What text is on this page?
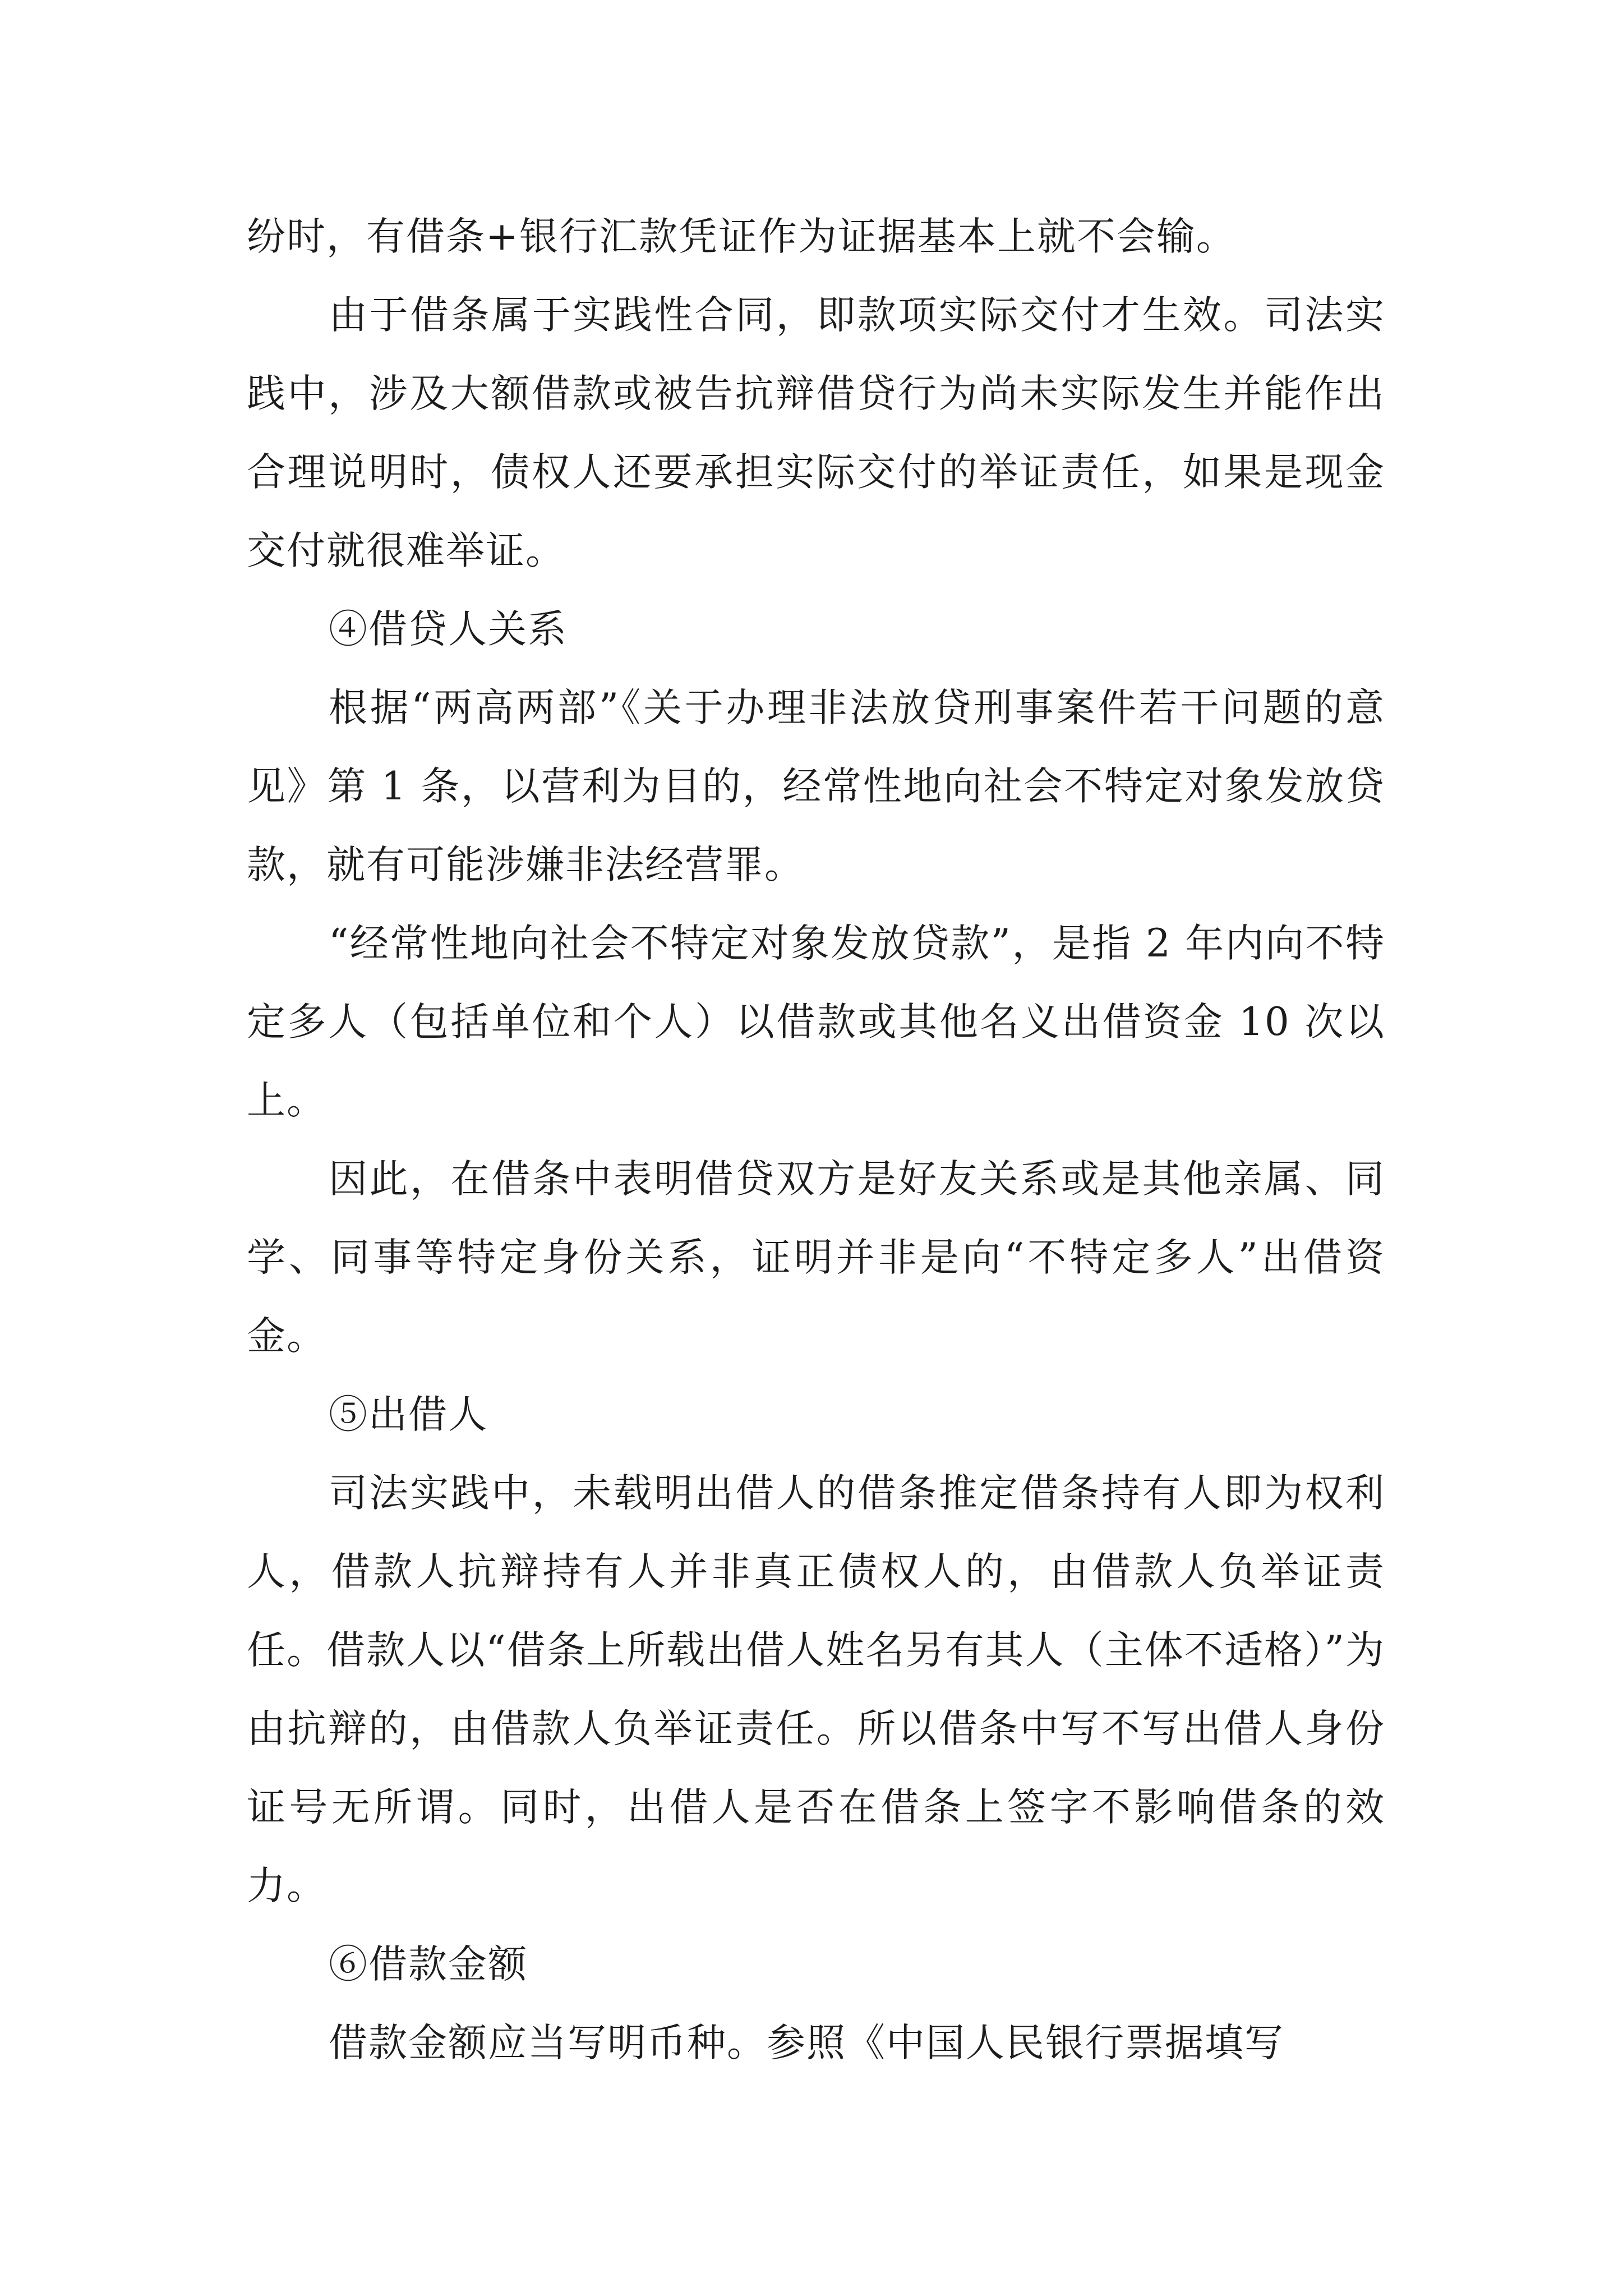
纷时，有借条+银行汇款凭证作为证据基本上就不会输。

由于借条属于实践性合同，即款项实际交付才生效。司法实践中，涉及大额借款或被告抗辩借贷行为尚未实际发生并能作出合理说明时，债权人还要承担实际交付的举证责任，如果是现金交付就很难举证。

④借贷人关系

根据“两高两部”《关于办理非法放贷刑事案件若干问题的意见》第 1 条，以营利为目的，经常性地向社会不特定对象发放贷款，就有可能涉嫌非法经营罪。

“经常性地向社会不特定对象发放贷款”，是指 2 年内向不特定多人（包括单位和个人）以借款或其他名义出借资金 10 次以上。

因此，在借条中表明借贷双方是好友关系或是其他亲属、同学、同事等特定身份关系，证明并非是向“不特定多人”出借资金。

⑤出借人

司法实践中，未载明出借人的借条推定借条持有人即为权利人，借款人抗辩持有人并非真正债权人的，由借款人负举证责任。借款人以“借条上所载出借人姓名另有其人（主体不适格）”为由抗辩的，由借款人负举证责任。所以借条中写不写出借人身份证号无所谓。同时，出借人是否在借条上签字不影响借条的效力。

⑥借款金额

借款金额应当写明币种。参照《中国人民银行票据填写
